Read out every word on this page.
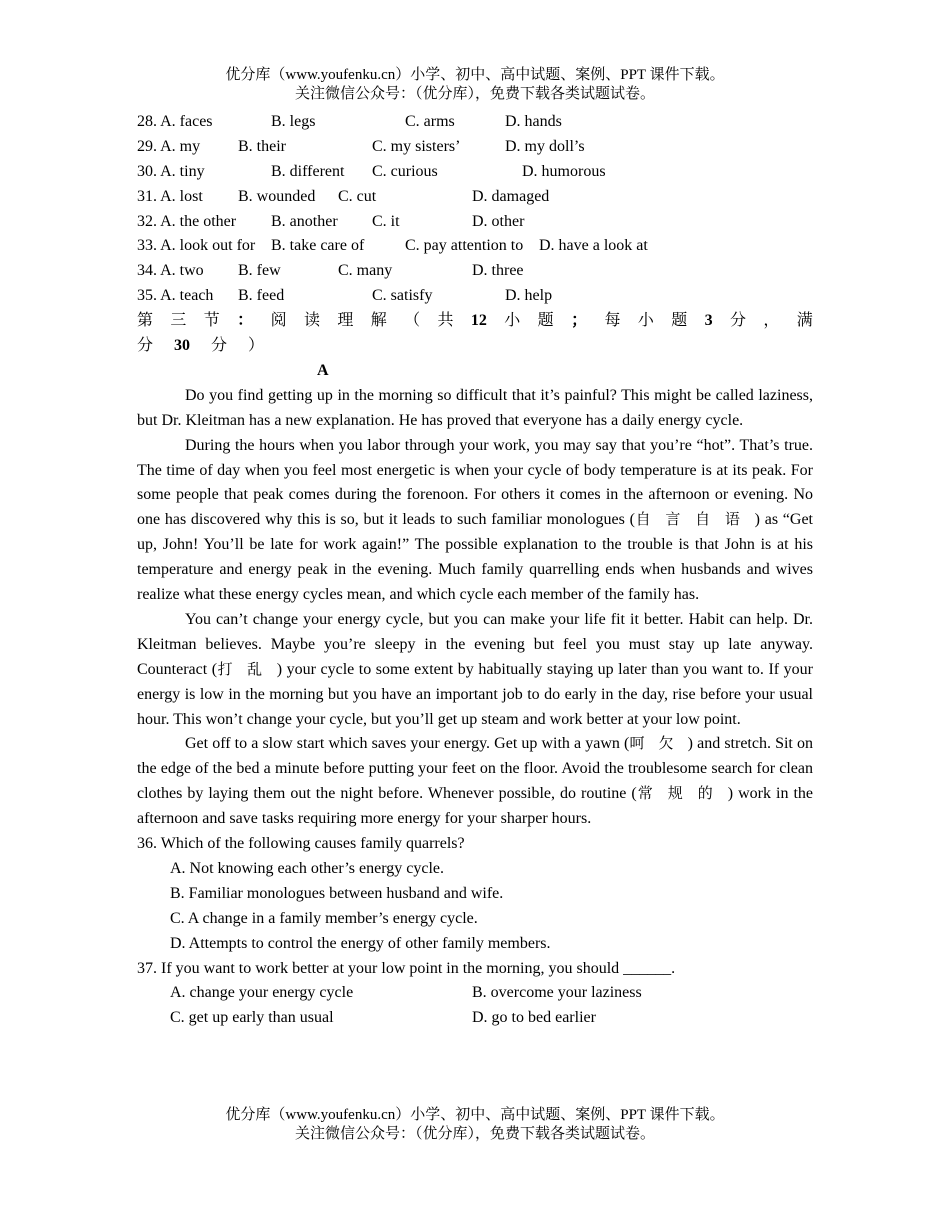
优分库（www.youfenku.cn）小学、初中、高中试题、案例、PPT 课件下载。
关注微信公众号：（优分库），免费下载各类试题试卷。
28. A. faces	B. legs	C. arms	D. hands
29. A. my B. their	C. my sisters’	D. my doll’s
30. A. tiny	B. different C. curious	D. humorous
31. A. lost B. wounded C. cut	D. damaged
32. A. the other B. another C. it	D. other
33. A. look out for B. take care of	C. pay attention to D. have a look at
34. A. two B. few	C. many	D. three
35. A. teach B. feed	C. satisfy	D. help
第 三 节 ： 阅 读 理 解 （ 共 12 小 题 ； 每 小 题 3 分 ， 满
分 30 分 ）
A

Do you find getting up in the morning so difficult that it’s painful? This might be called laziness, but Dr. Kleitman has a new explanation. He has proved that everyone has a daily energy cycle.

During the hours when you labor through your work, you may say that you’re “hot”. That’s true. The time of day when you feel most energetic is when your cycle of body temperature is at its peak. For some people that peak comes during the forenoon. For others it comes in the afternoon or evening. No one has discovered why this is so, but it leads to such familiar monologues (自言自语) as “Get up, John! You’ll be late for work again!” The possible explanation to the trouble is that John is at his temperature and energy peak in the evening. Much family quarrelling ends when husbands and wives realize what these energy cycles mean, and which cycle each member of the family has.

You can’t change your energy cycle, but you can make your life fit it better. Habit can help. Dr. Kleitman believes. Maybe you’re sleepy in the evening but feel you must stay up late anyway. Counteract (打乱) your cycle to some extent by habitually staying up later than you want to. If your energy is low in the morning but you have an important job to do early in the day, rise before your usual hour. This won’t change your cycle, but you’ll get up steam and work better at your low point.

Get off to a slow start which saves your energy. Get up with a yawn (呵欠) and stretch. Sit on the edge of the bed a minute before putting your feet on the floor. Avoid the troublesome search for clean clothes by laying them out the night before. Whenever possible, do routine (常规的) work in the afternoon and save tasks requiring more energy for your sharper hours.

36. Which of the following causes family quarrels?
A. Not knowing each other’s energy cycle.
B. Familiar monologues between husband and wife.
C. A change in a family member’s energy cycle.
D. Attempts to control the energy of other family members.
37. If you want to work better at your low point in the morning, you should ______.
A. change your energy cycle	B. overcome your laziness
C. get up early than usual	D. go to bed earlier
优分库（www.youfenku.cn）小学、初中、高中试题、案例、PPT 课件下载。
关注微信公众号：（优分库），免费下载各类试题试卷。
